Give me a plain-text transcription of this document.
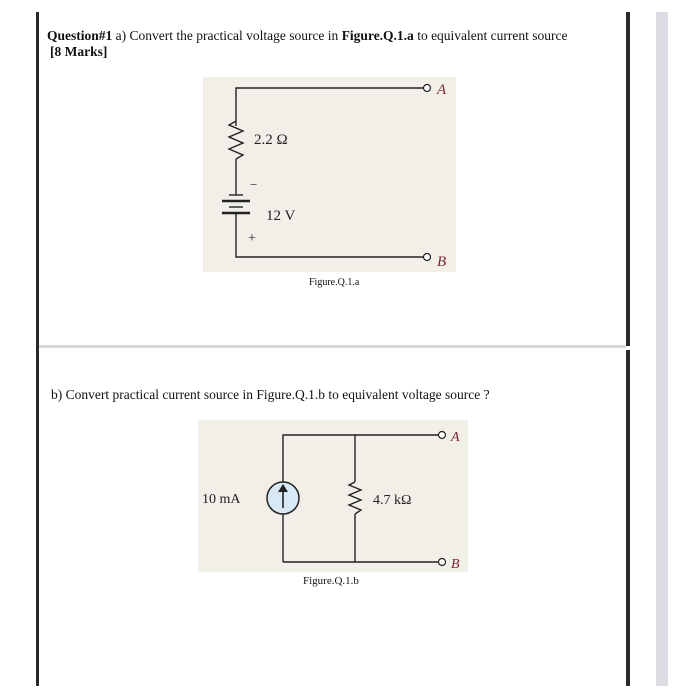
Question#1 a) Convert the practical voltage source in Figure.Q.1.a to equivalent current source
[8 Marks]
A
2.2 Ω
−
+
12 V
B
Figure.Q.1.a
b) Convert practical current source in Figure.Q.1.b to equivalent voltage source ?
A
10 mA	4.7 kΩ
B
Figure.Q.1.b
